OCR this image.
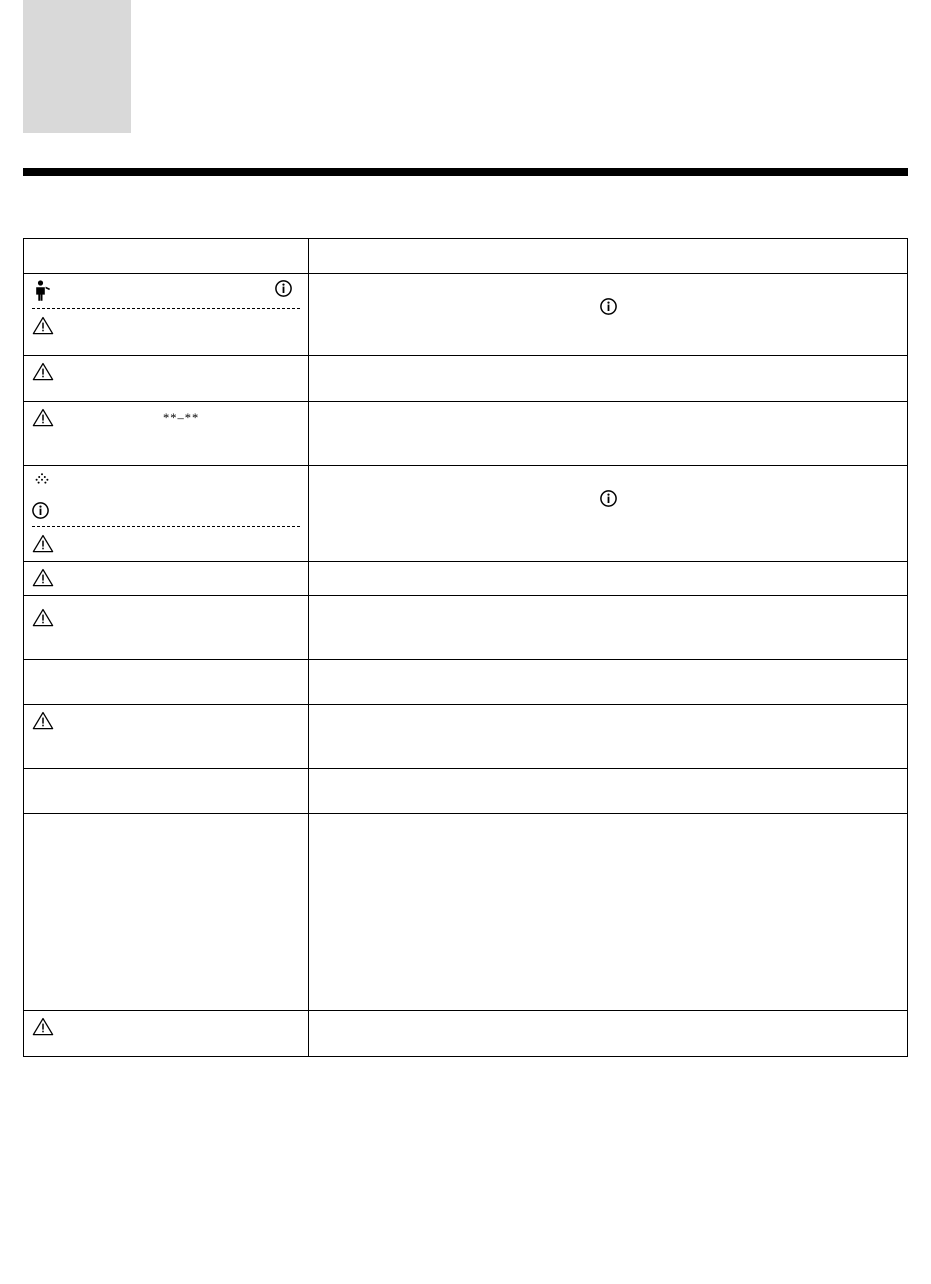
**–**	
